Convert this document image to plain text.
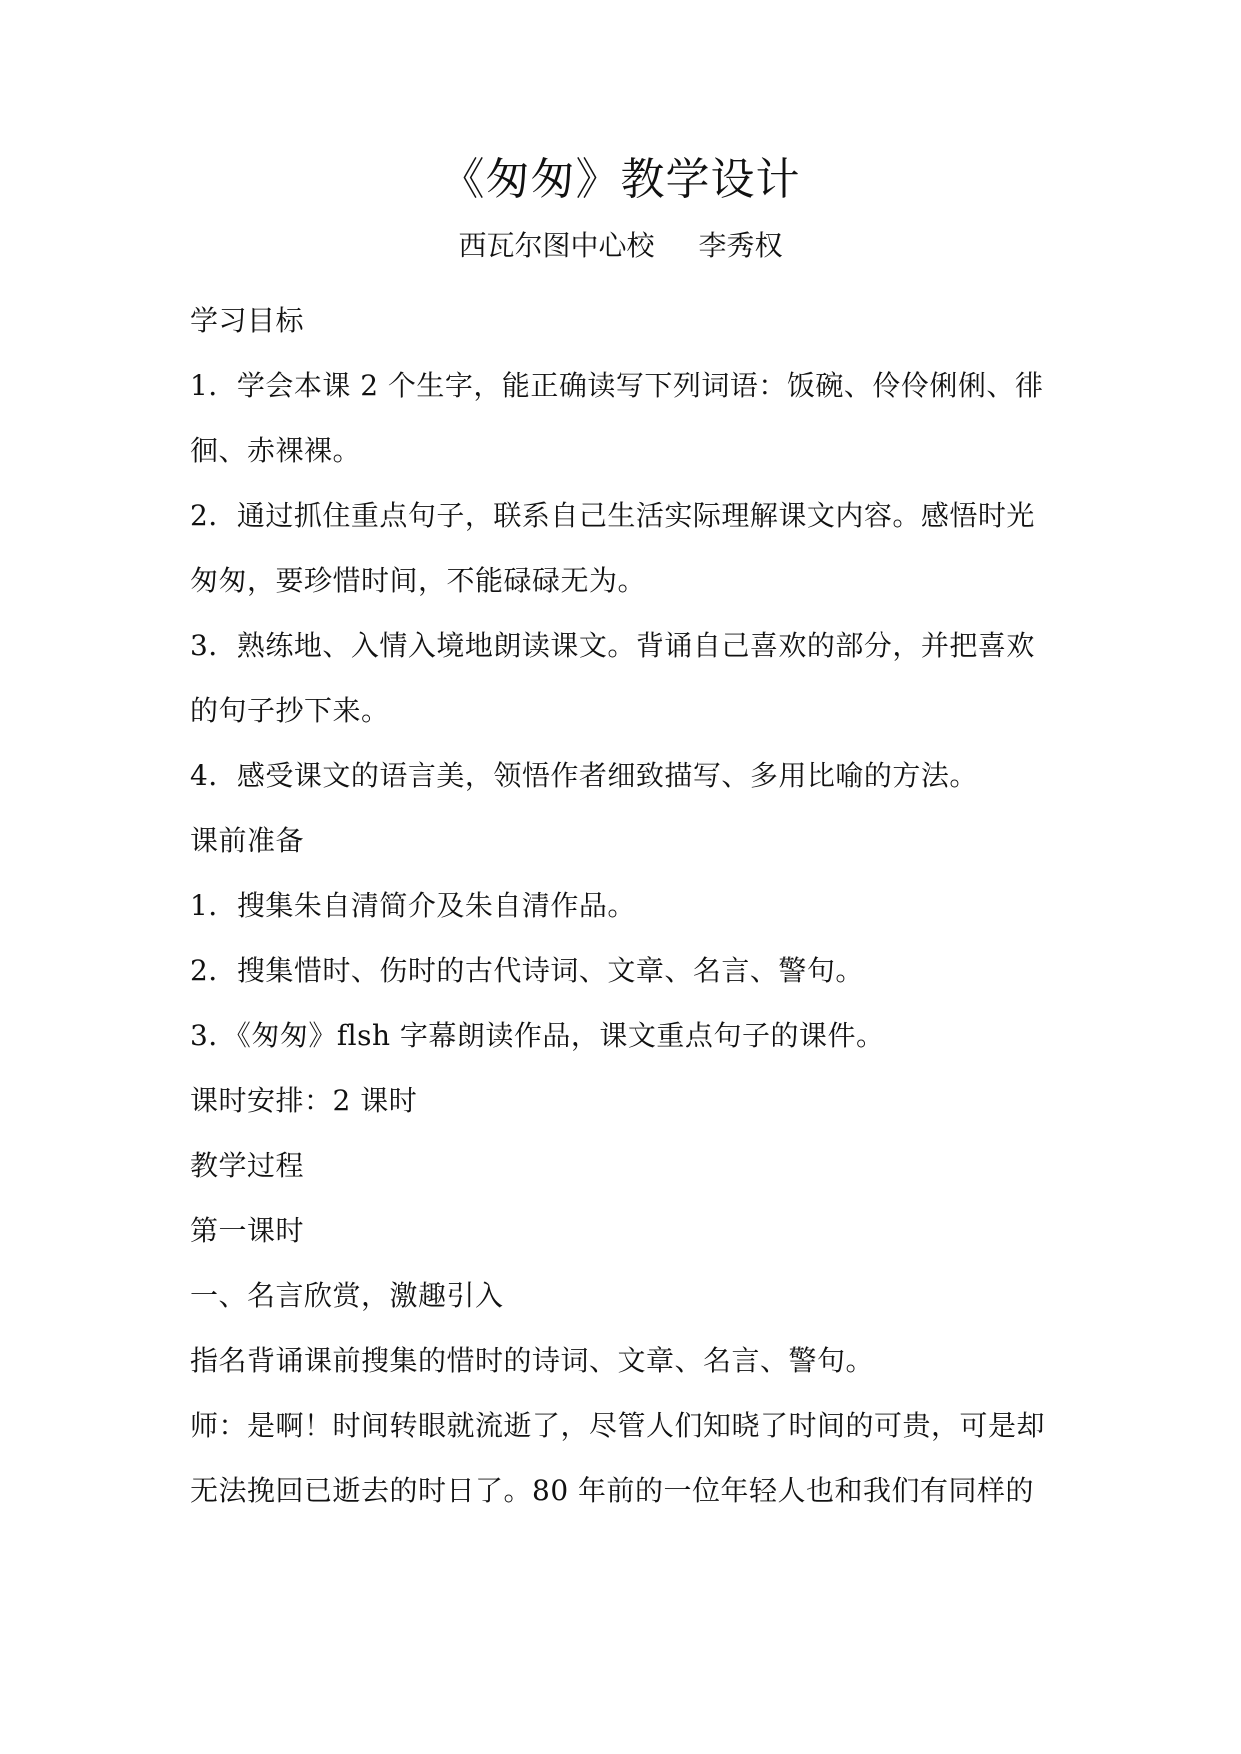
《匆匆》教学设计
西瓦尔图中心校 李秀权
学习目标
1．学会本课 2 个生字，能正确读写下列词语：饭碗、伶伶俐俐、徘
徊、赤裸裸。
2．通过抓住重点句子，联系自己生活实际理解课文内容。感悟时光
匆匆，要珍惜时间，不能碌碌无为。
3．熟练地、入情入境地朗读课文。背诵自己喜欢的部分，并把喜欢
的句子抄下来。
4．感受课文的语言美，领悟作者细致描写、多用比喻的方法。
课前准备
1．搜集朱自清简介及朱自清作品。
2．搜集惜时、伤时的古代诗词、文章、名言、警句。
3．《匆匆》flsh 字幕朗读作品，课文重点句子的课件。
课时安排：2 课时
教学过程
第一课时
一、名言欣赏，激趣引入
指名背诵课前搜集的惜时的诗词、文章、名言、警句。
师：是啊！时间转眼就流逝了，尽管人们知晓了时间的可贵，可是却
无法挽回已逝去的时日了。80 年前的一位年轻人也和我们有同样的
